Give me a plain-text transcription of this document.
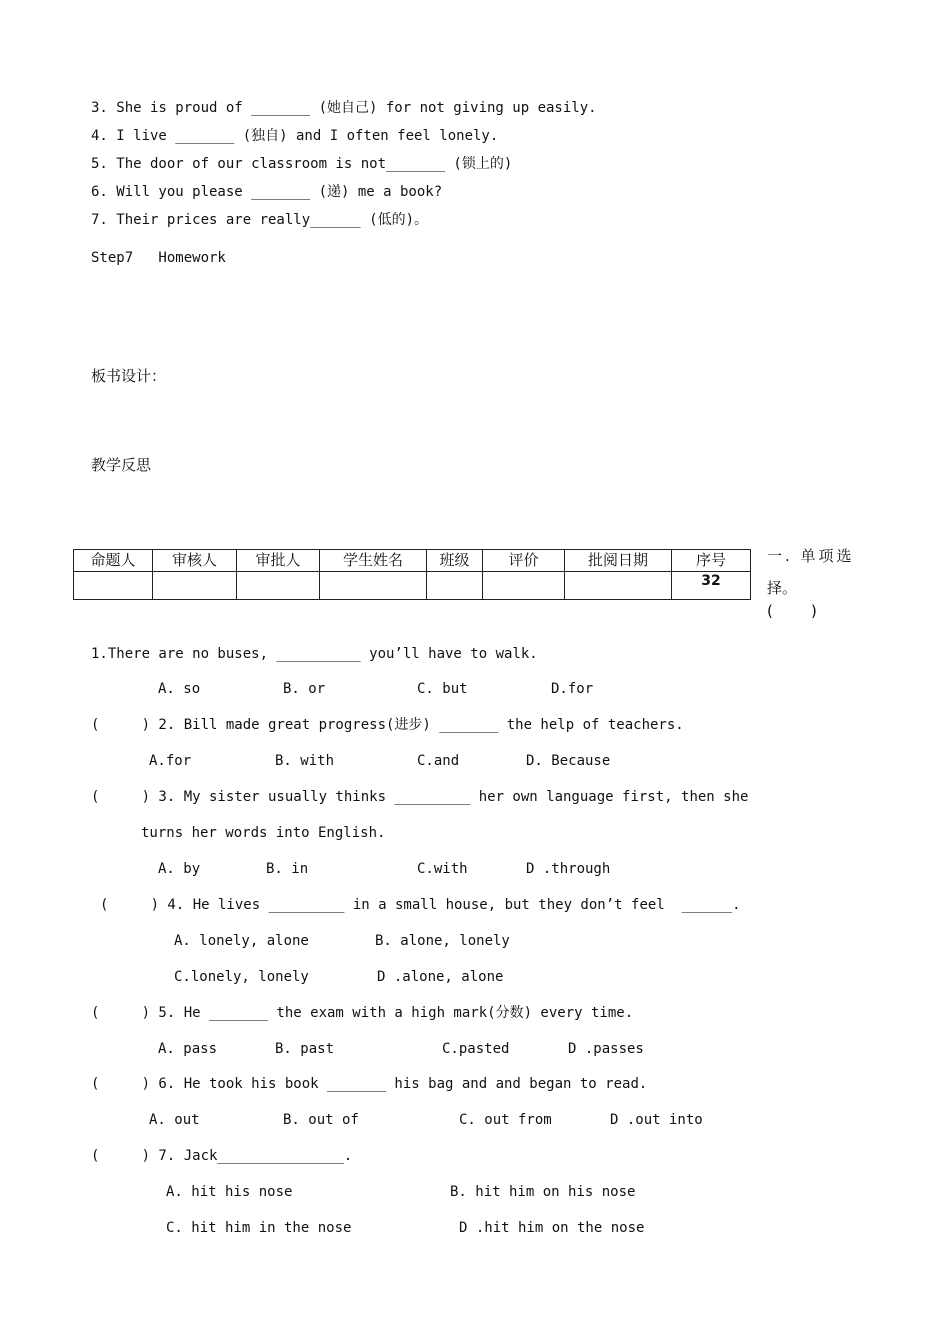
3. She is proud of _______ (她自己) for not giving up easily.
4. I live _______ (独自) and I often feel lonely.
5. The door of our classroom is not_______ (锁上的)
6. Will you please _______ (递) me a book?
7. Their prices are really______ (低的)。
Step7   Homework
板书设计：
教学反思
命题人	审核人	审批人	学生姓名	班级	评价	批阅日期	序号
							32
一. 单项选
择。
(        )
1.There are no buses, __________ you’ll have to walk.
A. so	B. or	C. but	D.for
(     ) 2. Bill made great progress(进步) _______ the help of teachers.
A.for	B. with	C.and	D. Because
(     ) 3. My sister usually thinks _________ her own language first, then she
turns her words into English.
A. by	B. in	C.with	D .through
(     ) 4. He lives _________ in a small house, but they don’t feel  ______.
A. lonely, alone	B. alone, lonely
C.lonely, lonely	D .alone, alone
(     ) 5. He _______ the exam with a high mark(分数) every time.
A. pass	B. past	C.pasted	D .passes
(     ) 6. He took his book _______ his bag and and began to read.
A. out	B. out of	C. out from	D .out into
(     ) 7. Jack_______________.
A. hit his nose	B. hit him on his nose
C. hit him in the nose	D .hit him on the nose
